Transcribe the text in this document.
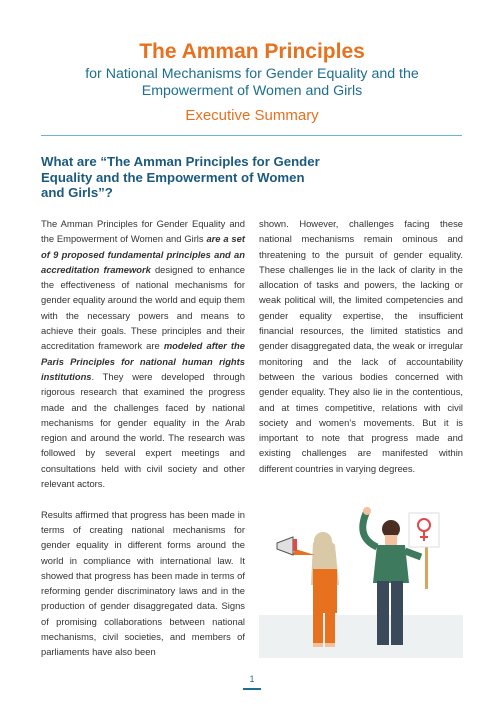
The Amman Principles
for National Mechanisms for Gender Equality and the
Empowerment of Women and Girls
Executive Summary
What are “The Amman Principles for Gender Equality and the Empowerment of Women and Girls”?

The Amman Principles for Gender Equality and the Empowerment of Women and Girls are a set of 9 proposed fundamental principles and an accreditation framework designed to enhance the effectiveness of national mechanisms for gender equality around the world and equip them with the necessary powers and means to achieve their goals. These principles and their accreditation framework are modeled after the Paris Principles for national human rights institutions. They were developed through rigorous research that examined the progress made and the challenges faced by national mechanisms for gender equality in the Arab region and around the world. The research was followed by several expert meetings and consultations held with civil society and other relevant actors.

Results affirmed that progress has been made in terms of creating national mechanisms for gender equality in different forms around the world in compliance with international law. It showed that progress has been made in terms of reforming gender discriminatory laws and in the production of gender disaggregated data. Signs of promising collaborations between national mechanisms, civil societies, and members of parliaments have also been

shown. However, challenges facing these national mechanisms remain ominous and threatening to the pursuit of gender equality. These challenges lie in the lack of clarity in the allocation of tasks and powers, the lacking or weak political will, the limited competencies and gender equality expertise, the insufficient financial resources, the limited statistics and gender disaggregated data, the weak or irregular monitoring and the lack of accountability between the various bodies concerned with gender equality. They also lie in the contentious, and at times competitive, relations with civil society and women’s movements. But it is important to note that progress made and existing challenges are manifested within different countries in varying degrees.

1
